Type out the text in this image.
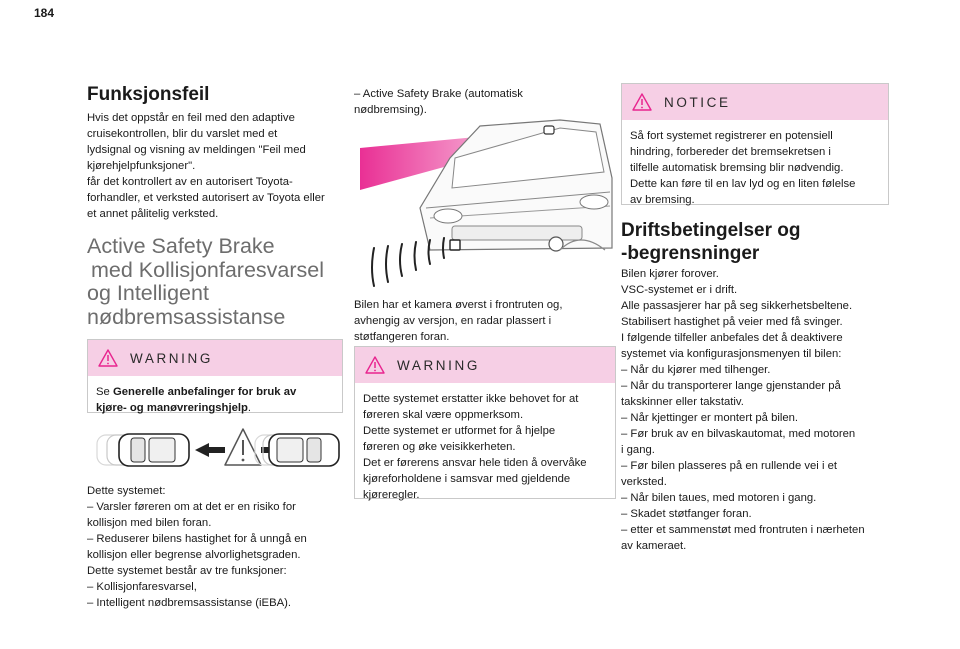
184
Funksjonsfeil
Hvis det oppstår en feil med den adaptive
cruisekontrollen, blir du varslet med et
lydsignal og visning av meldingen "Feil med
kjørehjelpfunksjoner".
får det kontrollert av en autorisert Toyota-
forhandler, et verksted autorisert av Toyota eller
et annet pålitelig verksted.
Active Safety Brake
med Kollisjonfaresvarsel
og Intelligent
nødbremsassistanse
WARNING
Se Generelle anbefalinger for bruk av
kjøre- og manøvreringshjelp.
Dette systemet:
– Varsler føreren om at det er en risiko for
kollisjon med bilen foran.
– Reduserer bilens hastighet for å unngå en
kollisjon eller begrense alvorlighetsgraden.
Dette systemet består av tre funksjoner:
– Kollisjonfaresvarsel,
– Intelligent nødbremsassistanse (iEBA).
– Active Safety Brake (automatisk
nødbremsing).
Bilen har et kamera øverst i frontruten og,
avhengig av versjon, en radar plassert i
støtfangeren foran.
WARNING
Dette systemet erstatter ikke behovet for at
føreren skal være oppmerksom.
Dette systemet er utformet for å hjelpe
føreren og øke veisikkerheten.
Det er førerens ansvar hele tiden å overvåke
kjøreforholdene i samsvar med gjeldende
kjøreregler.
NOTICE
Så fort systemet registrerer en potensiell
hindring, forbereder det bremsekretsen i
tilfelle automatisk bremsing blir nødvendig.
Dette kan føre til en lav lyd og en liten følelse
av bremsing.
Driftsbetingelser og
-begrensninger
Bilen kjører forover.
VSC-systemet er i drift.
Alle passasjerer har på seg sikkerhetsbeltene.
Stabilisert hastighet på veier med få svinger.
I følgende tilfeller anbefales det å deaktivere
systemet via konfigurasjonsmenyen til bilen:
– Når du kjører med tilhenger.
– Når du transporterer lange gjenstander på
takskinner eller takstativ.
– Når kjettinger er montert på bilen.
– Før bruk av en bilvaskautomat, med motoren
i gang.
– Før bilen plasseres på en rullende vei i et
verksted.
– Når bilen taues, med motoren i gang.
– Skadet støtfanger foran.
– etter et sammenstøt med frontruten i nærheten
av kameraet.
